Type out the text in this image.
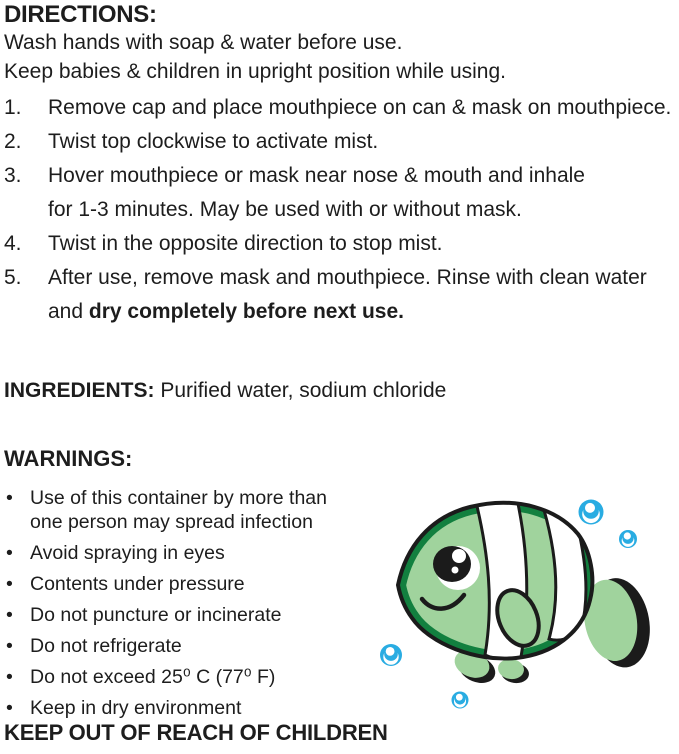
DIRECTIONS:
Wash hands with soap & water before use.
Keep babies & children in upright position while using.
1.	Remove cap and place mouthpiece on can & mask on mouthpiece.
2.	Twist top clockwise to activate mist.
3.	Hover mouthpiece or mask near nose & mouth and inhale
for 1-3 minutes. May be used with or without mask.
4.	Twist in the opposite direction to stop mist.
5.	After use, remove mask and mouthpiece. Rinse with clean water
and dry completely before next use.
INGREDIENTS: Purified water, sodium chloride
WARNINGS:
• Use of this container by more than one person may spread infection
• Avoid spraying in eyes
• Contents under pressure
• Do not puncture or incinerate
• Do not refrigerate
• Do not exceed 25⁰ C (77⁰ F)
• Keep in dry environment
KEEP OUT OF REACH OF CHILDREN
